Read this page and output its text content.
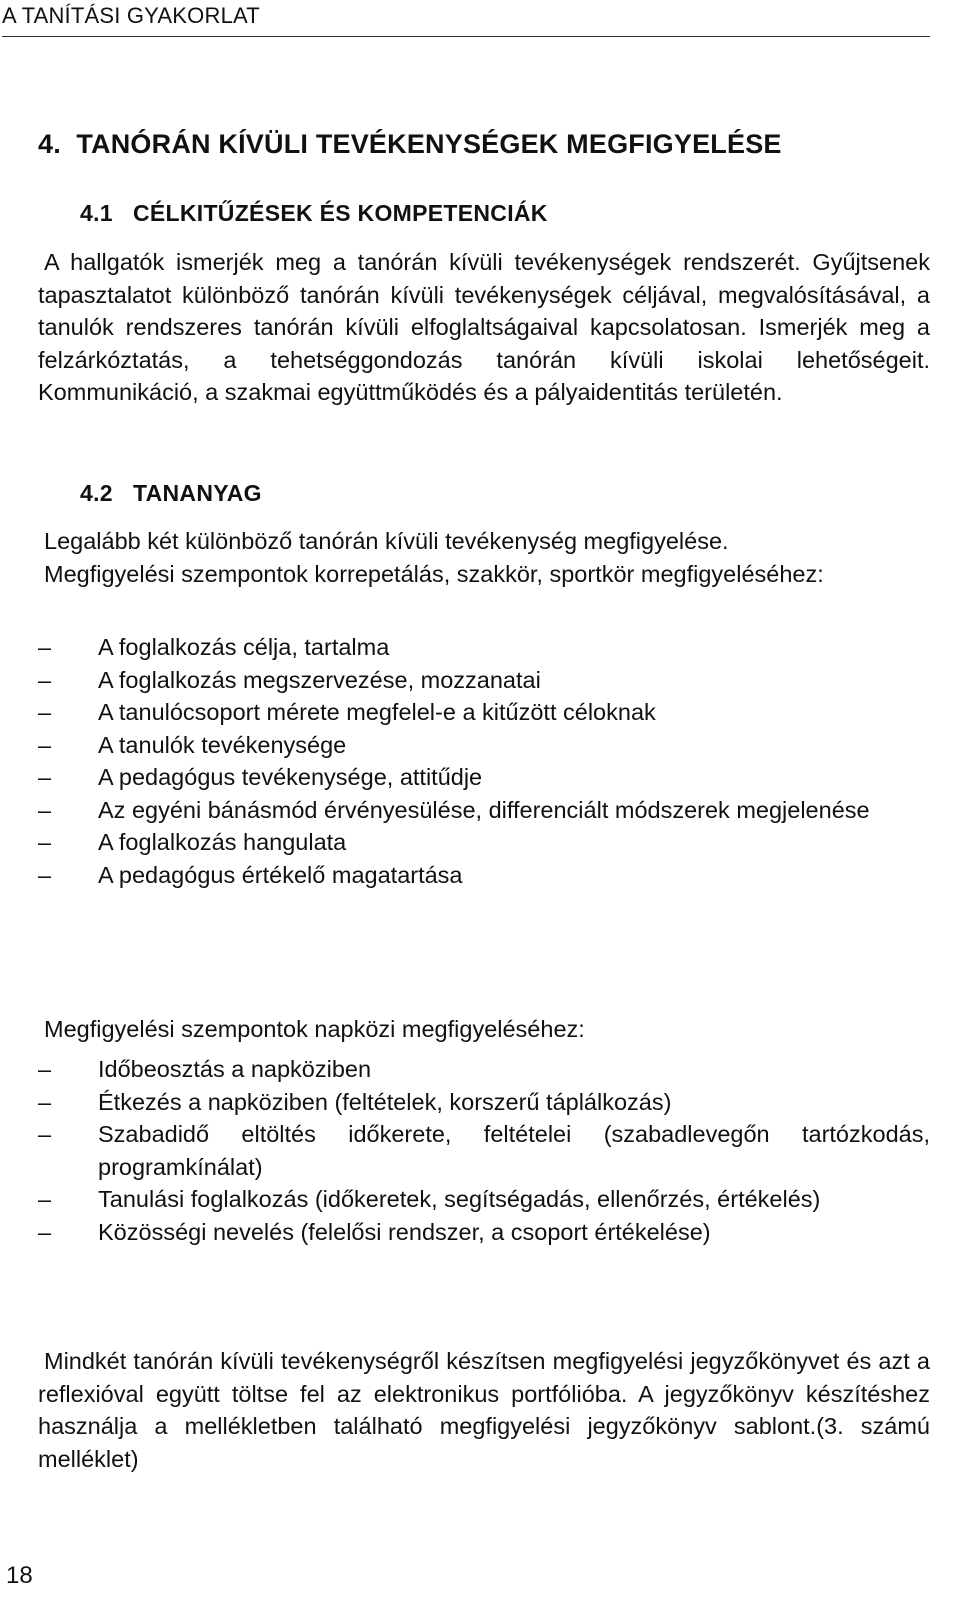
A TANÍTÁSI GYAKORLAT
4. TANÓRÁN KÍVÜLI TEVÉKENYSÉGEK MEGFIGYELÉSE
4.1 CÉLKITŰZÉSEK ÉS KOMPETENCIÁK

A hallgatók ismerjék meg a tanórán kívüli tevékenységek rendszerét. Gyűjtsenek tapasztalatot különböző tanórán kívüli tevékenységek céljával, megvalósításával, a tanulók rendszeres tanórán kívüli elfoglaltságaival kapcsolatosan. Ismerjék meg a felzárkóztatás, a tehetséggondozás tanórán kívüli iskolai lehetőségeit. Kommunikáció, a szakmai együttműködés és a pályaidentitás területén.

4.2 TANANYAG

Legalább két különböző tanórán kívüli tevékenység megfigyelése.

Megfigyelési szempontok korrepetálás, szakkör, sportkör megfigyeléséhez:

–	A foglalkozás célja, tartalma
–	A foglalkozás megszervezése, mozzanatai
–	A tanulócsoport mérete megfelel-e a kitűzött céloknak
–	A tanulók tevékenysége
–	A pedagógus tevékenysége, attitűdje
–	Az egyéni bánásmód érvényesülése, differenciált módszerek megjelenése
–	A foglalkozás hangulata
–	A pedagógus értékelő magatartása

Megfigyelési szempontok napközi megfigyeléséhez:

–	Időbeosztás a napköziben
–	Étkezés a napköziben (feltételek, korszerű táplálkozás)
–	Szabadidő eltöltés időkerete, feltételei (szabadlevegőn tartózkodás, programkínálat)
–	Tanulási foglalkozás (időkeretek, segítségadás, ellenőrzés, értékelés)
–	Közösségi nevelés (felelősi rendszer, a csoport értékelése)

Mindkét tanórán kívüli tevékenységről készítsen megfigyelési jegyzőkönyvet és azt a reflexióval együtt töltse fel az elektronikus portfólióba. A jegyzőkönyv készítéshez használja a mellékletben található megfigyelési jegyzőkönyv sablont.(3. számú melléklet)

18
